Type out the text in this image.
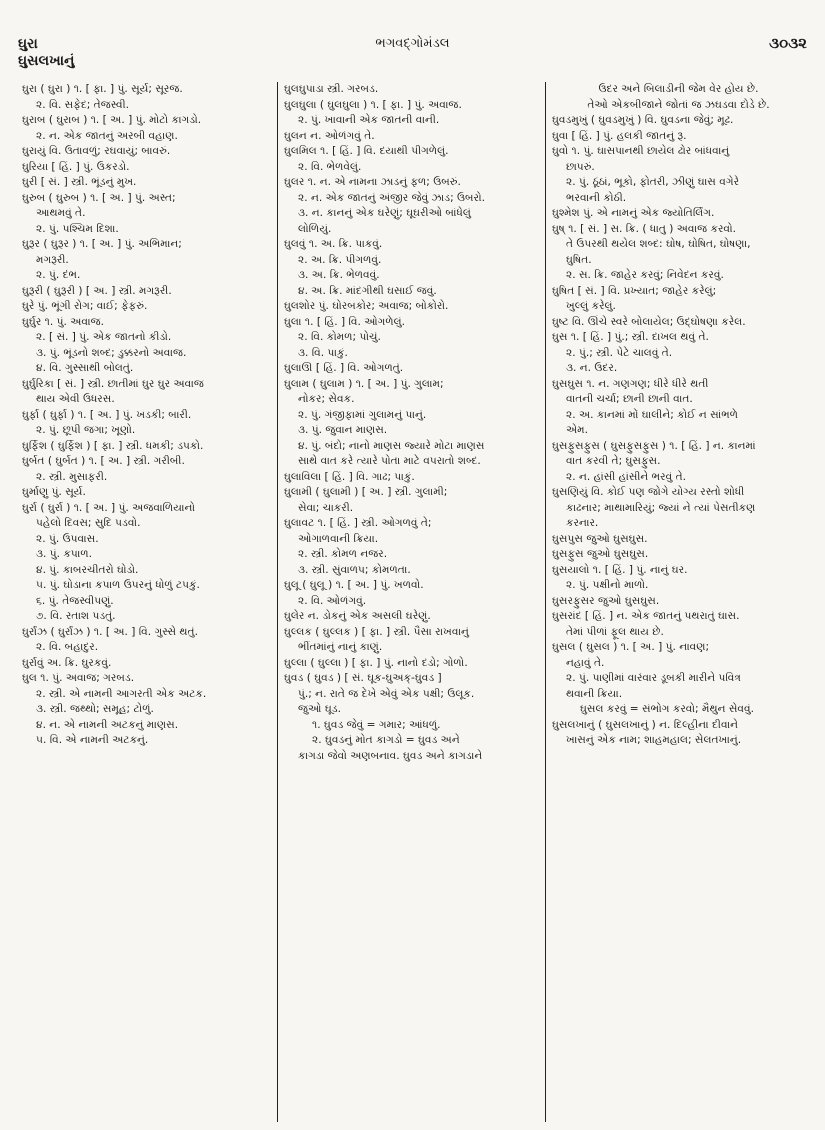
ઘુરા
ઘુસલખાનું
ભગવદ્ગોમંડલ	૩૦૩૨
ઘુરા ( ઘુરા ) ૧. [ ફા. ] પું. સૂર્ય; સૂરજ.
૨. વિ. સફેદ; તેજસ્વી.
ઘુરાબ ( ઘુરાબ ) ૧. [ અ. ] પું. મોટો કાગડો.
૨. ન. એક જાતનું અરબી વહાણ.
ઘુરાયું વિ. ઉતાવળું; રઘવાયું; બાવરું.
ઘુરિયા [ હિં. ] પું. ઉકરડો.
ઘુરી [ સં. ] સ્ત્રી. ભૂંડનું મુખ.
ઘુરુબ ( ઘુરુબ ) ૧. [ અ. ] પું. અસ્ત;
આથમવું તે.
૨. પું. પશ્ચિમ દિશા.
ઘુરૂર ( ઘુરૂર ) ૧. [ અ. ] પું. અભિમાન;
મગરૂરી.
૨. પું. દંભ.
ઘુરૂરી ( ઘુરૂરી ) [ અ. ] સ્ત્રી. મગરૂરી.
ઘુરે પું. ભૂંગી રોગ; વાઈ; ફેફરું.
ઘુર્ઘુર ૧. પું. અવાજ.
૨. [ સં. ] પું. એક જાતનો કીડો.
૩. પું. ભૂંડનો શબ્દ; ડુક્કરનો અવાજ.
૪. વિ. ગુસ્સાથી બોલતું.
ઘુર્ઘુરિકા [ સં. ] સ્ત્રી. છાતીમાં ઘુર ઘુર અવાજ
થાય એવી ઉધરસ.
ઘુર્ફા ( ઘુર્ફા ) ૧. [ અ. ] પું. ખડકી; બારી.
૨. પું. છૂપી જગા; ખૂણો.
ઘુર્ફિશ ( ઘુર્ફિશ ) [ ફા. ] સ્ત્રી. ધમકી; ડપકો.
ઘુર્બત ( ઘુર્બત ) ૧. [ અ. ] સ્ત્રી. ગરીબી.
૨. સ્ત્રી. મુસાફરી.
ઘુર્માણુ પું. સૂર્ય.
ઘુર્રા ( ઘુર્રા ) ૧. [ અ. ] પું. અજવાળિયાનો
પહેલો દિવસ; સુદિ પડવો.
૨. પું. ઉપવાસ.
૩. પું. કપાળ.
૪. પું. કાબરચીતરો ઘોડો.
૫. પું. ઘોડાના કપાળ ઉપરનું ધોળું ટપકું.
૬. પું. તેજસ્વીપણું.
૭. વિ. રતાશ પડતું.
ઘુર્રાંઝ ( ઘુર્રાંઝ ) ૧. [ અ. ] વિ. ગુસ્સે થતું.
૨. વિ. બહાદુર.
ઘુર્રાવું અ. ક્રિ. ઘુરકવું.
ઘુલ ૧. પું. અવાજ; ગરબડ.
૨. સ્ત્રી. એ નામની આગરતી એક અટક.
૩. સ્ત્રી. જથ્થો; સમૂહ; ટોળું.
૪. ન. એ નામની અટકનું માણસ.
૫. વિ. એ નામની અટકનું.
ઘુલઘુપાડા સ્ત્રી. ગરબડ.
ઘુલઘુલા ( ઘુલઘુલા ) ૧. [ ફા. ] પું. અવાજ.
૨. પું. ખાવાની એક જાતની વાની.
ઘુલન ન. ઓળંગવું તે.
ઘુલમિલ ૧. [ હિં. ] વિ. દયાથી પીગળેલું.
૨. વિ. ભેળવેલું.
ઘુલર ૧. ન. એ નામના ઝાડનું ફળ; ઉંબરું.
૨. ન. એક જાતનું અંજીર જેવું ઝાડ; ઉંબરો.
૩. ન. કાનનું એક ઘરેણું; ઘૂઘરીઓ બાંધેલું
લોળિયું.
ઘુલવું ૧. અ. ક્રિ. પાકવું.
૨. અ. ક્રિ. પીગળવું.
૩. અ. ક્રિ. ભેળવવું.
૪. અ. ક્રિ. માંદગીથી ઘસાઈ જવું.
ઘુલશોર પું. ઘોરબકોર; અવાજ; બોકોરો.
ઘુલા ૧. [ હિં. ] વિ. ઓગળેલું.
૨. વિ. કોમળ; પોચું.
૩. વિ. પાકું.
ઘુલાઊ [ હિં. ] વિ. ઓગળતું.
ઘુલામ ( ઘુલામ ) ૧. [ અ. ] પું. ગુલામ;
નોકર; સેવક.
૨. પું. ગંજીફામાં ગુલામનું પાનું.
૩. પું. જુવાન માણસ.
૪. પું. બંદો; નાનો માણસ જ્યારે મોટા માણસ
સાથે વાત કરે ત્યારે પોતા માટે વપરાતો શબ્દ.
ઘુલાવિલા [ હિં. ] વિ. ગાઢ; પાકું.
ઘુલામી ( ઘુલામી ) [ અ. ] સ્ત્રી. ગુલામી;
સેવા; ચાકરી.
ઘુલાવટ ૧. [ હિં. ] સ્ત્રી. ઓગળવું તે;
ઓગાળવાની ક્રિયા.
૨. સ્ત્રી. કોમળ નજર.
૩. સ્ત્રી. સુંવાળપ; કોમળતા.
ઘુલૂ ( ઘુલૂ ) ૧. [ અ. ] પું. ખળવો.
૨. વિ. ઓળંગવું.
ઘુલેર ન. ડોકનું એક અસલી ઘરેણું.
ઘુલ્લક ( ઘુલ્લક ) [ ફા. ] સ્ત્રી. પૈસા રાખવાનું
ભીંતમાંનું નાનું કાણું.
ઘુલ્લા ( ઘુલ્લા ) [ ફા. ] પું. નાનો દડો; ગોળો.
ઘુવડ ( ઘુવડ ) [ સં. ઘૂક-ઘુઅક્-ઘુવડ ]
પું.; ન. રાતે જ દેખે એવું એક પક્ષી; ઉલૂક.
જુઓ ઘૂડ.
૧. ઘુવડ જેવું = ગમાર; આંધળું.
૨. ઘુવડનું મોત કાગડો = ઘુવડ અને
કાગડા જેવો અણબનાવ. ઘુવડ અને કાગડાને
ઉંદર અને બિલાડીની જેમ વેર હોય છે.
તેઓ એકબીજાને જોતાં જ ઝઘડવા દોડે છે.
ઘુવડમુખું ( ઘુવડમુખું ) વિ. ઘુવડના જેવું; મૂઢ.
ઘુવા [ હિં. ] પું. હલકી જાતનું રૂ.
ઘુવો ૧. પું. ઘાસપાનથી છાયેલ ઢોર બાંધવાનું
છાપરું.
૨. પું. ઠૂંઠાં, ભૂકો, ફોતરી, ઝીણું ઘાસ વગેરે
ભરવાની કોઠી.
ઘુશ્મેશ પું. એ નામનું એક જ્યોતિર્લિંગ.
ઘુષ્ ૧. [ સં. ] સ. ક્રિ. ( ધાતુ ) અવાજ કરવો.
તે ઉપરથી થયેલ શબ્દ: ઘોષ, ઘોષિત, ઘોષણા,
ઘુષિત.
૨. સ. ક્રિ. જાહેર કરવું; નિવેદન કરવું.
ઘુષિત [ સં. ] વિ. પ્રખ્યાત; જાહેર કરેલું;
ખુલ્લું કરેલું.
ઘુષ્ટ વિ. ઊંચે સ્વરે બોલાયેલ; ઉદ્ઘોષણા કરેલ.
ઘુસ ૧. [ હિં. ] પું.; સ્ત્રી. દાખલ થવું તે.
૨. પું.; સ્ત્રી. પેટે ચાલવું તે.
૩. ન. ઉંદર.
ઘુસઘુસ ૧. ન. ગણગણ; ધીરે ધીરે થતી
વાતની ચર્ચા; છાની છાની વાત.
૨. અ. કાનમાં મોં ઘાલીને; કોઈ ન સાંભળે
એમ.
ઘુસફુસફુસ ( ઘુસફુસફુસ ) ૧. [ હિં. ] ન. કાનમાં
વાત કરવી તે; ઘુસફુસ.
૨. ન. હાંસી હાંસીને ભરવું તે.
ઘુસણિયું વિ. કોઈ પણ જોગે યોગ્ય રસ્તો શોધી
કાઢનાર; માથામારિયું; જ્યાં ને ત્યાં પેસતીકણ
કરનાર.
ઘુસપુસ જુઓ ઘુસઘુસ.
ઘુસફુસ જુઓ ઘુસઘુસ.
ઘુસયાલો ૧. [ હિં. ] પું. નાનું ઘર.
૨. પું. પક્ષીનો માળો.
ઘુસરફુસર જુઓ ઘુસઘુસ.
ઘુસરાંદ [ હિં. ] ન. એક જાતનું પથરાતું ઘાસ.
તેમાં પીળાં ફૂલ થાય છે.
ઘુસલ ( ઘુસલ ) ૧. [ અ. ] પું. નાવણ;
નહાવું તે.
૨. પું. પાણીમાં વારંવાર ડૂબકી મારીને પવિત્ર
થવાની ક્રિયા.
ઘુસલ કરવું = સંભોગ કરવો; મૈથુન સેવવું.
ઘુસલખાનું ( ઘુસલખાનું ) ન. દિલ્હીના દીવાને
ખાસનું એક નામ; શાહમહાલ; સેલતખાનું.
